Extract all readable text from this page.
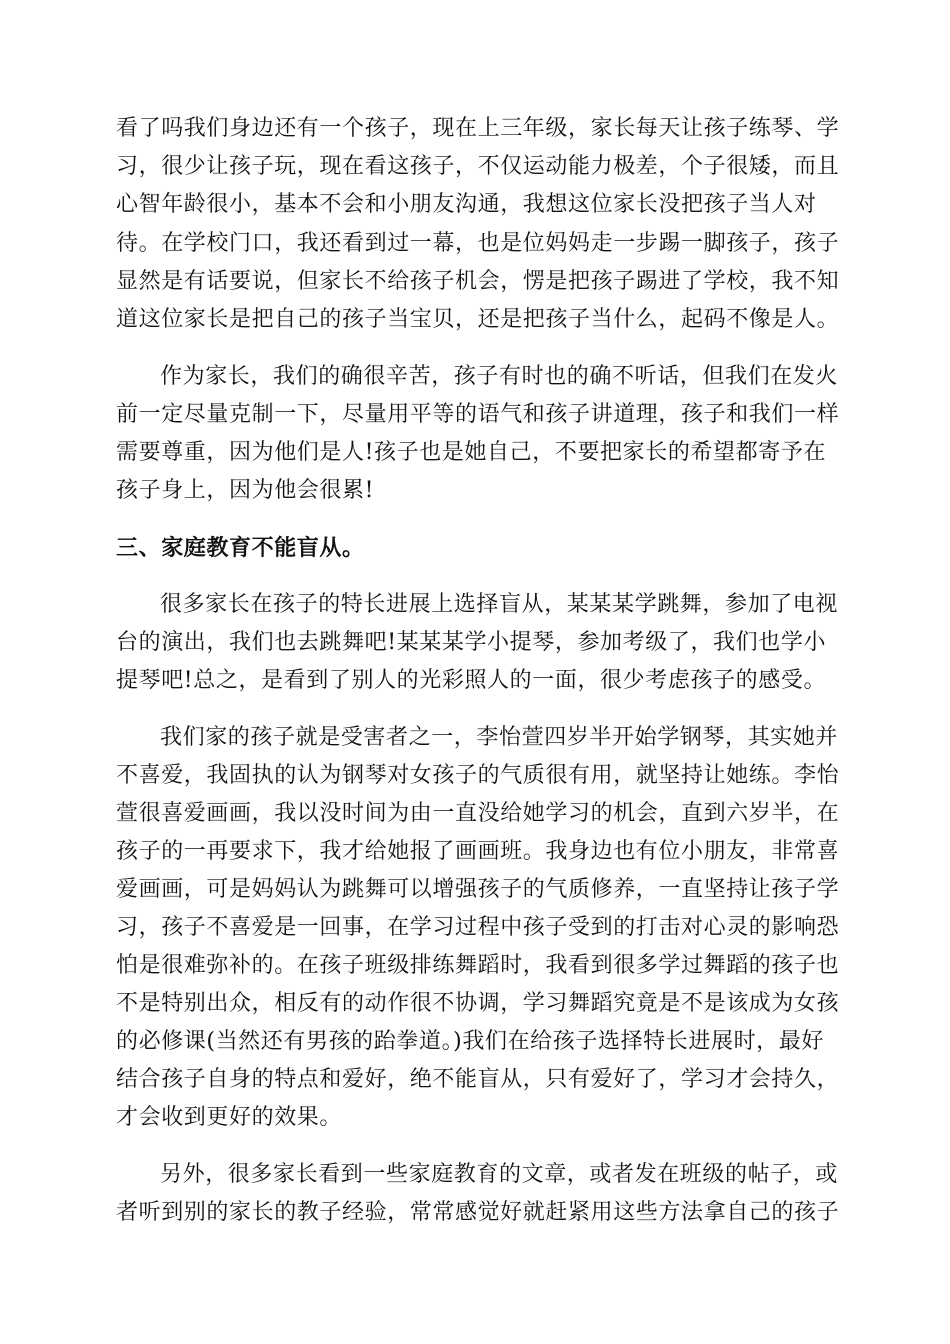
看了吗我们身边还有一个孩子，现在上三年级，家长每天让孩子练琴、学
习，很少让孩子玩，现在看这孩子，不仅运动能力极差，个子很矮，而且
心智年龄很小，基本不会和小朋友沟通，我想这位家长没把孩子当人对
待。在学校门口，我还看到过一幕，也是位妈妈走一步踢一脚孩子，孩子
显然是有话要说，但家长不给孩子机会，愣是把孩子踢进了学校，我不知
道这位家长是把自己的孩子当宝贝，还是把孩子当什么，起码不像是人。
作为家长，我们的确很辛苦，孩子有时也的确不听话，但我们在发火
前一定尽量克制一下，尽量用平等的语气和孩子讲道理，孩子和我们一样
需要尊重，因为他们是人!孩子也是她自己，不要把家长的希望都寄予在
孩子身上，因为他会很累!
三、家庭教育不能盲从。
很多家长在孩子的特长进展上选择盲从，某某某学跳舞，参加了电视
台的演出，我们也去跳舞吧!某某某学小提琴，参加考级了，我们也学小
提琴吧!总之，是看到了别人的光彩照人的一面，很少考虑孩子的感受。
我们家的孩子就是受害者之一，李怡萱四岁半开始学钢琴，其实她并
不喜爱，我固执的认为钢琴对女孩子的气质很有用，就坚持让她练。李怡
萱很喜爱画画，我以没时间为由一直没给她学习的机会，直到六岁半，在
孩子的一再要求下，我才给她报了画画班。我身边也有位小朋友，非常喜
爱画画，可是妈妈认为跳舞可以增强孩子的气质修养，一直坚持让孩子学
习，孩子不喜爱是一回事，在学习过程中孩子受到的打击对心灵的影响恐
怕是很难弥补的。在孩子班级排练舞蹈时，我看到很多学过舞蹈的孩子也
不是特别出众，相反有的动作很不协调，学习舞蹈究竟是不是该成为女孩
的必修课(当然还有男孩的跆拳道。)我们在给孩子选择特长进展时，最好
结合孩子自身的特点和爱好，绝不能盲从，只有爱好了，学习才会持久，
才会收到更好的效果。
另外，很多家长看到一些家庭教育的文章，或者发在班级的帖子，或
者听到别的家长的教子经验，常常感觉好就赶紧用这些方法拿自己的孩子
